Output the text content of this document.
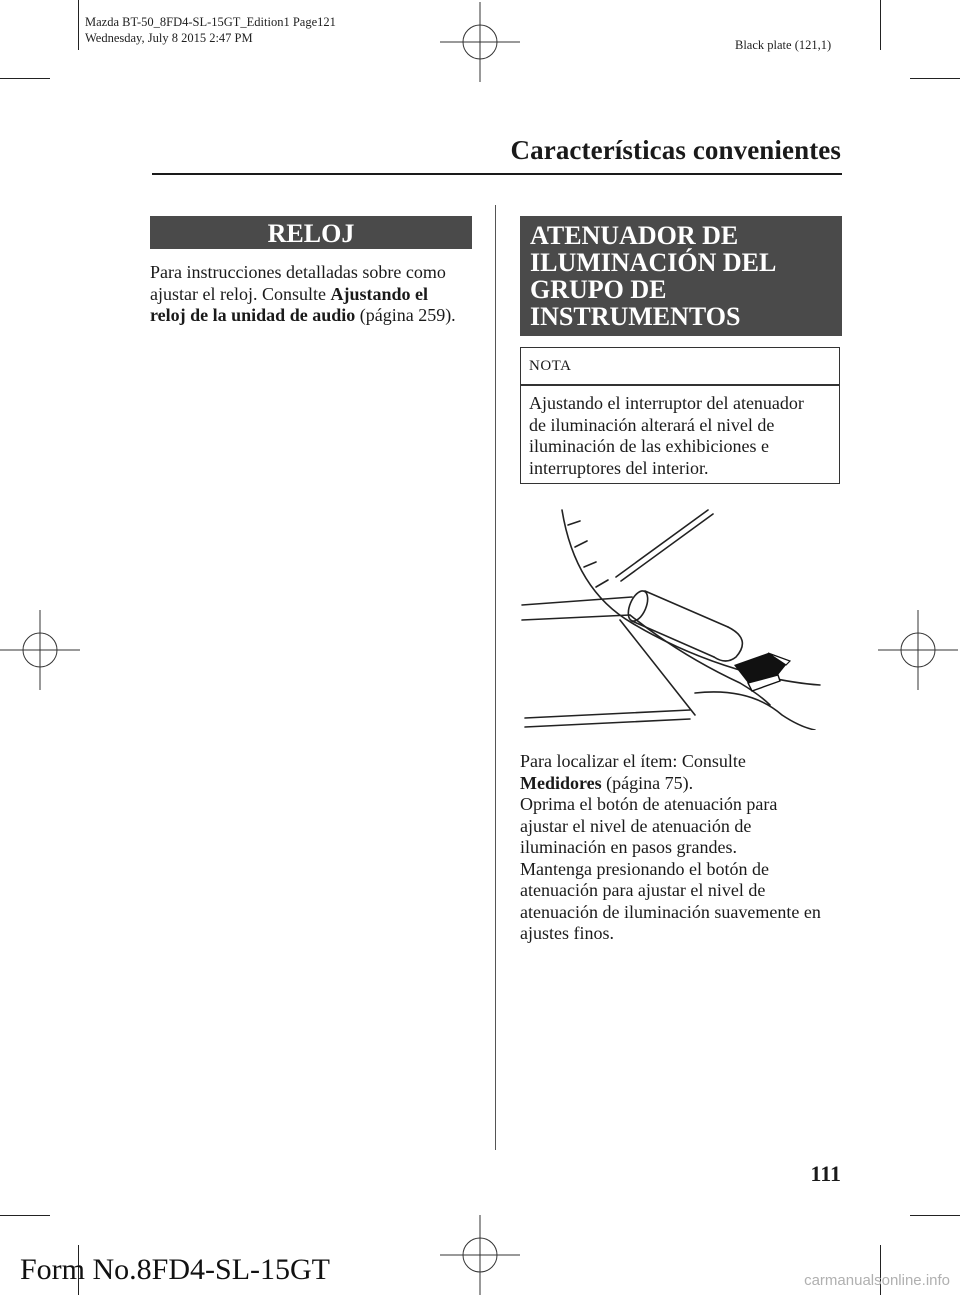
Mazda BT-50_8FD4-SL-15GT_Edition1 Page121
Wednesday, July 8 2015 2:47 PM	Black plate (121,1)
Características convenientes
RELOJ
Para instrucciones detalladas sobre como
ajustar el reloj. Consulte Ajustando el
reloj de la unidad de audio (página 259).
ATENUADOR DE
ILUMINACIÓN DEL
GRUPO DE
INSTRUMENTOS
NOTA
Ajustando el interruptor del atenuador
de iluminación alterará el nivel de
iluminación de las exhibiciones e
interruptores del interior.
Para localizar el ítem: Consulte
Medidores (página 75).
Oprima el botón de atenuación para
ajustar el nivel de atenuación de
iluminación en pasos grandes.
Mantenga presionando el botón de
atenuación para ajustar el nivel de
atenuación de iluminación suavemente en
ajustes finos.
111
Form No.8FD4-SL-15GT	carmanualsonline.info
